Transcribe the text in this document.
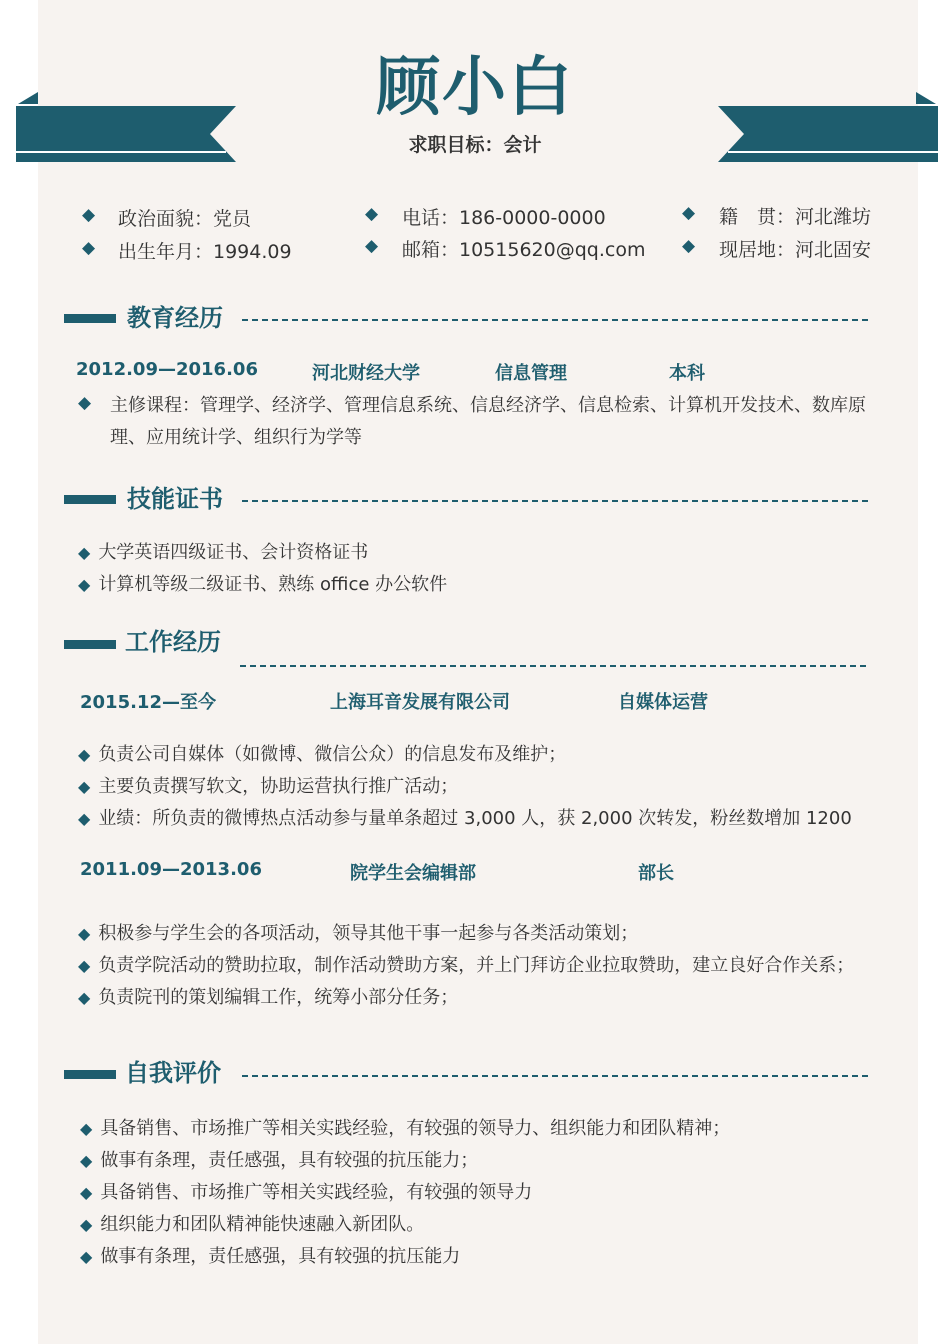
顾小白
求职目标：会计
◆ 政治面貌：党员
◆ 出生年月：1994.09
◆ 电话：186-0000-0000
◆ 邮箱：10515620@qq.com
◆ 籍　贯：河北潍坊
◆ 现居地：河北固安
教育经历
2012.09—2016.06	河北财经大学	信息管理	本科
◆ 主修课程：管理学、经济学、管理信息系统、信息经济学、信息检索、计算机开发技术、数库原
理、应用统计学、组织行为学等
技能证书
◆ 大学英语四级证书、会计资格证书
◆ 计算机等级二级证书、熟练 office 办公软件
工作经历
2015.12—至今	上海耳音发展有限公司	自媒体运营
◆ 负责公司自媒体（如微博、微信公众）的信息发布及维护；
◆ 主要负责撰写软文，协助运营执行推广活动；
◆ 业绩：所负责的微博热点活动参与量单条超过 3,000 人，获 2,000 次转发，粉丝数增加 1200
2011.09—2013.06	院学生会编辑部	部长
◆ 积极参与学生会的各项活动，领导其他干事一起参与各类活动策划；
◆ 负责学院活动的赞助拉取，制作活动赞助方案，并上门拜访企业拉取赞助，建立良好合作关系；
◆ 负责院刊的策划编辑工作，统筹小部分任务；
自我评价
◆ 具备销售、市场推广等相关实践经验，有较强的领导力、组织能力和团队精神；
◆ 做事有条理，责任感强，具有较强的抗压能力；
◆ 具备销售、市场推广等相关实践经验，有较强的领导力
◆ 组织能力和团队精神能快速融入新团队。
◆ 做事有条理，责任感强，具有较强的抗压能力
